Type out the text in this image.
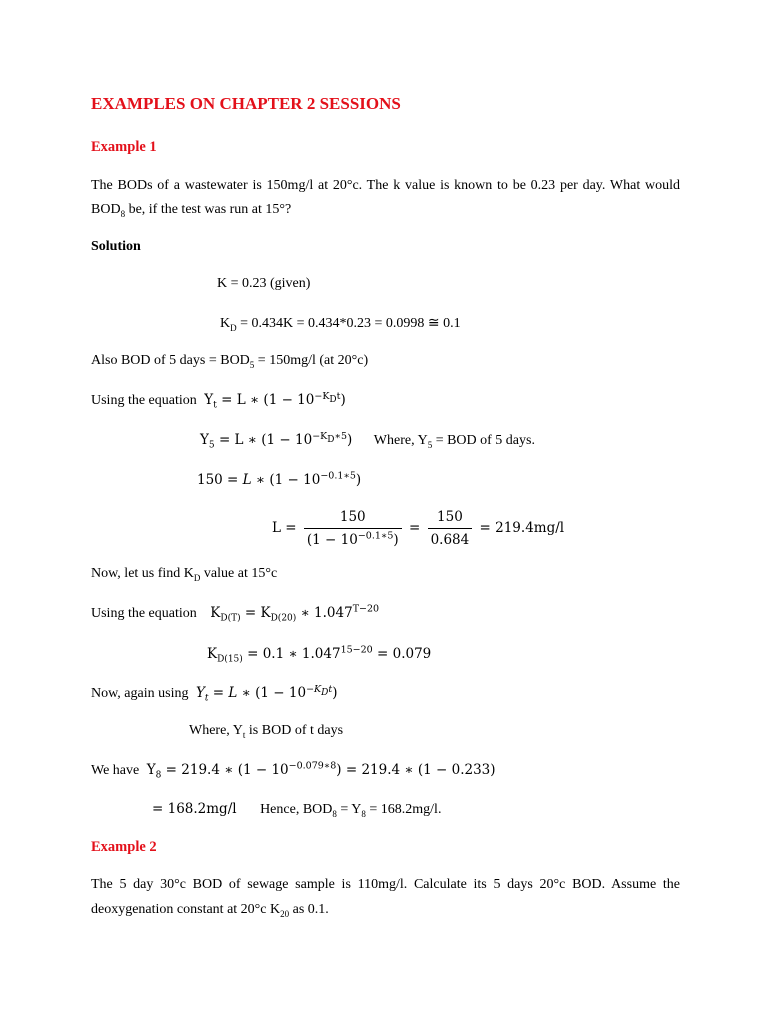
EXAMPLES ON CHAPTER 2 SESSIONS
Example 1
The BODs of a wastewater is 150mg/l at 20°c. The k value is known to be 0.23 per day. What would
$BOD_8$ be, if the test was run at 15°?
Solution
K = 0.23 (given)
$K_D = 0.434K = 0.434*0.23 = 0.0998$ ≅ 0.1
Also BOD of 5 days = $BOD_5 = 150mg/l$ (at 20°c)
Using the equation $Y_t = L$ ∗ $(1 - 10^{-K_Dt})$
$Y_5 = L$ ∗ $(1 - 10^{-K_D∗5})$ Where, $Y_5$ = BOD of 5 days.
150 = L ∗ $(1 - 10^{-0.1∗5})$
$L = \frac{150}{(1 - 10^{-0.1∗5})} = \frac{150}{0.684} = 219.4mg/l$
Now, let us find $K_D$ value at 15°c
Using the equation $K_{D(T)} = K_{D(20)}$ ∗ $1.047^{T-20}$
$K_{D(15)} = 0.1$ ∗ $1.047^{15-20} = 0.079$
Now, again using $Y_t = L$ ∗ $(1 - 10^{-K_Dt})$
Where, $Y_t$ is BOD of t days
We have $Y_8 = 219.4$ ∗ $(1 - 10^{-0.079∗8}) = 219.4$ ∗ (1 − 0.233)
= 168.2mg/l Hence, $BOD_8 = Y_8 = 168.2mg/l$.
Example 2
The 5 day 30°c BOD of sewage sample is 110mg/l. Calculate its 5 days 20°c BOD. Assume the
deoxygenation constant at 20°c $K_{20}$ as 0.1.
